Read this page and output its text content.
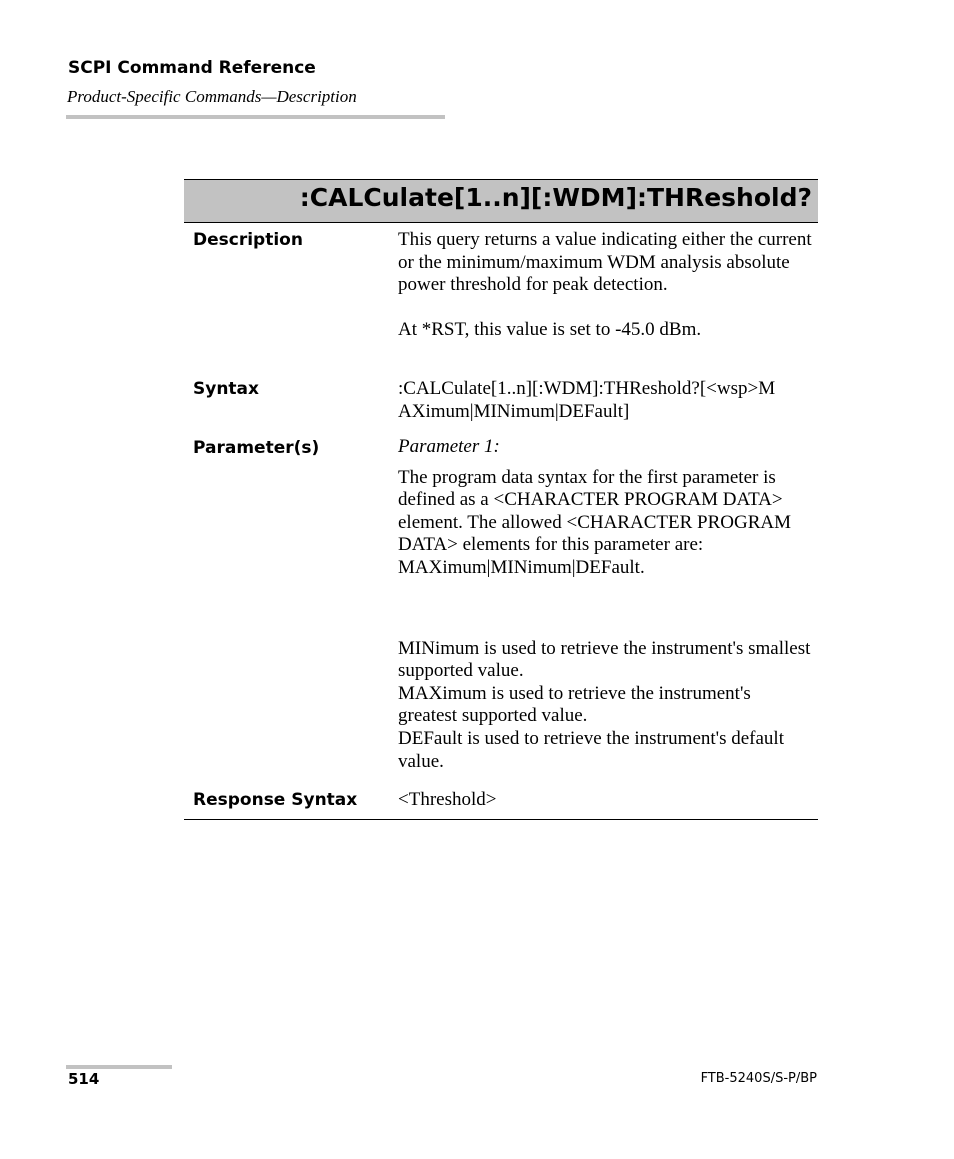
SCPI Command Reference
Product-Specific Commands—Description
:CALCulate[1..n][:WDM]:THReshold?
Description	This query returns a value indicating either the current or the minimum/maximum WDM analysis absolute power threshold for peak detection.

At *RST, this value is set to -45.0 dBm.

Syntax	:CALCulate[1..n][:WDM]:THReshold?[<wsp>M

AXimum|MINimum|DEFault]

Parameter(s)	Parameter 1:

The program data syntax for the first parameter is defined as a <CHARACTER PROGRAM DATA> element. The allowed <CHARACTER PROGRAM DATA> elements for this parameter are: MAXimum|MINimum|DEFault.

MINimum is used to retrieve the instrument's smallest supported value.

MAXimum is used to retrieve the instrument's greatest supported value.

DEFault is used to retrieve the instrument's default value.

Response Syntax <Threshold>

514	FTB-5240S/S-P/BP
